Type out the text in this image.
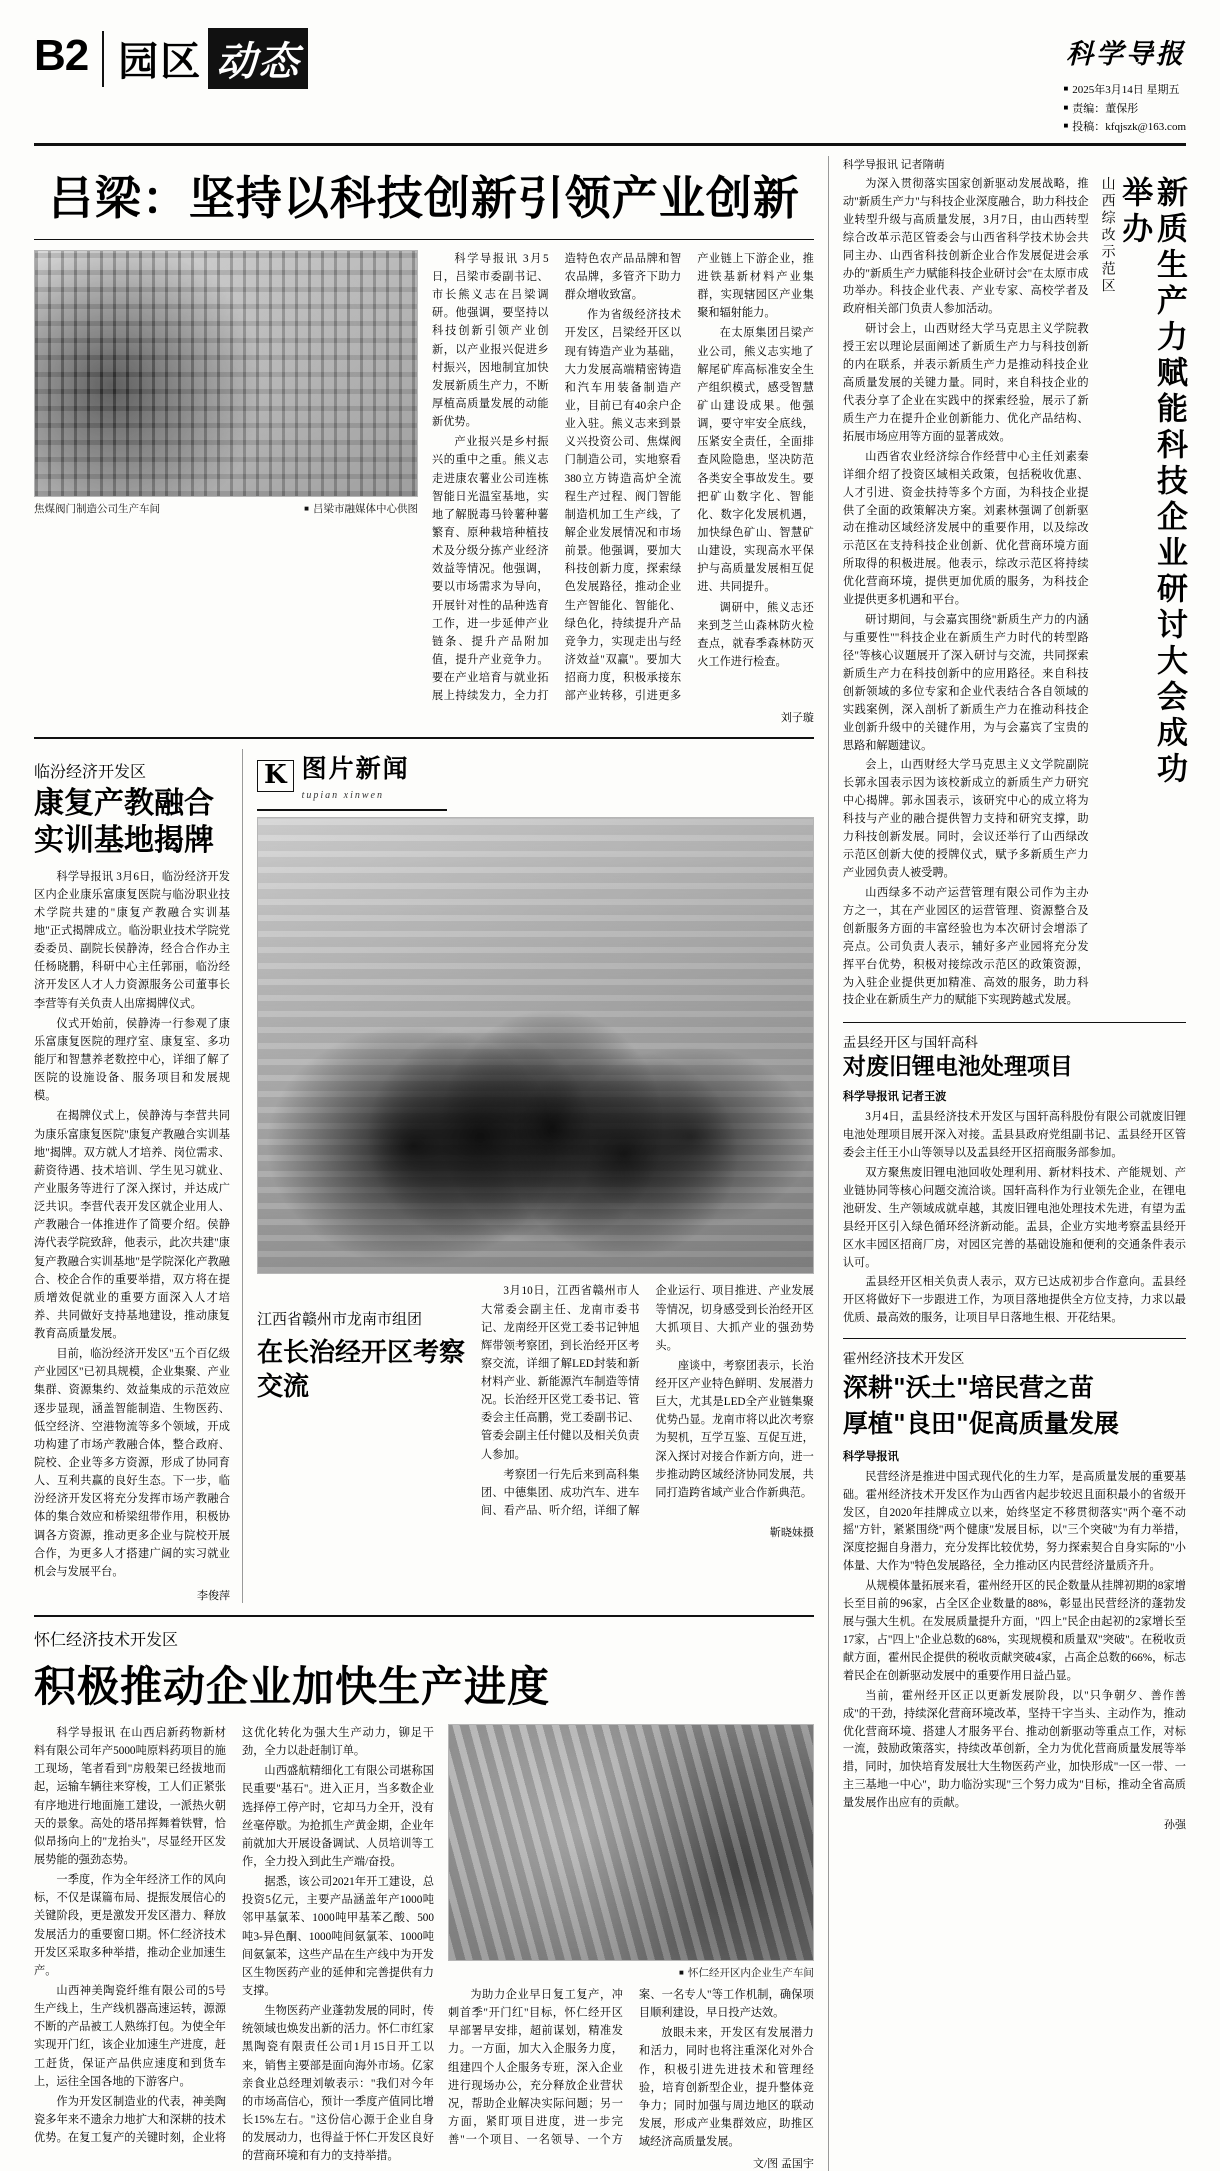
B2 园区 动态	科学导报
■ 2025年3月14日 星期五
■ 责编：董保彤
■ 投稿：kfqjszk@163.com
吕梁：坚持以科技创新引领产业创新
焦煤阀门制造公司生产车间	■ 吕梁市融媒体中心供图

科学导报讯 3月5日，吕梁市委副书记、市长熊义志在吕梁调研。他强调，要坚持以科技创新引领产业创新，以产业报兴促进乡村振兴，因地制宜加快发展新质生产力，不断厚植高质量发展的动能新优势。

产业报兴是乡村振兴的重中之重。熊义志走进康农薯业公司连栋智能日光温室基地，实地了解脱毒马铃薯种薯繁育、原种栽培种植技术及分级分拣产业经济效益等情况。他强调，要以市场需求为导向，开展针对性的品种选育工作，进一步延伸产业链条、提升产品附加值，提升产业竞争力。要在产业培育与就业拓展上持续发力，全力打造特色农产品品牌和智农品牌，多管齐下助力群众增收致富。

作为省级经济技术开发区，吕梁经开区以现有铸造产业为基础，大力发展高端精密铸造和汽车用装备制造产业，目前已有40余户企业入驻。熊义志来到景义兴投资公司、焦煤阀门制造公司，实地察看380立方铸造高炉全流程生产过程、阀门智能制造机加工生产线，了解企业发展情况和市场前景。他强调，要加大科技创新力度，探索绿色发展路径，推动企业生产智能化、智能化、绿色化，持续提升产品竞争力，实现走出与经济效益"双赢"。要加大招商力度，积极承接东部产业转移，引进更多产业链上下游企业，推进铁基新材料产业集群，实现辖园区产业集聚和辐射能力。

在太原集团吕梁产业公司，熊义志实地了解尾矿库高标准安全生产组织模式，感受智慧矿山建设成果。他强调，要守牢安全底线，压紧安全责任，全面排查风险隐患，坚决防范各类安全事故发生。要把矿山数字化、智能化、数字化发展机遇，加快绿色矿山、智慧矿山建设，实现高水平保护与高质量发展相互促进、共同提升。

调研中，熊义志还来到芝兰山森林防火检查点，就春季森林防灭火工作进行检查。

刘子璇
临汾经济开发区
康复产教融合实训基地揭牌

科学导报讯 3月6日，临汾经济开发区内企业康乐富康复医院与临汾职业技术学院共建的"康复产教融合实训基地"正式揭牌成立。临汾职业技术学院党委委员、副院长侯静涛，经合合作办主任杨晓鹏，科研中心主任郭丽，临汾经济开发区人才人力资源服务公司董事长李营等有关负责人出席揭牌仪式。

仪式开始前，侯静涛一行参观了康乐富康复医院的理疗室、康复室、多功能厅和智慧养老数控中心，详细了解了医院的设施设备、服务项目和发展规模。

在揭牌仪式上，侯静涛与李营共同为康乐富康复医院"康复产教融合实训基地"揭牌。双方就人才培养、岗位需求、薪资待遇、技术培训、学生见习就业、产业服务等进行了深入探讨，并达成广泛共识。李营代表开发区就企业用人、产教融合一体推进作了简要介绍。侯静涛代表学院致辞，他表示，此次共建"康复产教融合实训基地"是学院深化产教融合、校企合作的重要举措，双方将在提质增效促就业的重要方面深入人才培养、共同做好支持基地建设，推动康复教育高质量发展。

目前，临汾经济开发区"五个百亿级产业园区"已初具规模，企业集聚、产业集群、资源集约、效益集成的示范效应逐步显现，涵盖智能制造、生物医药、低空经济、空港物流等多个领域，开成功构建了市场产教融合体，整合政府、院校、企业等多方资源，形成了协同育人、互利共赢的良好生态。下一步，临汾经济开发区将充分发挥市场产教融合体的集合效应和桥梁纽带作用，积极协调各方资源，推动更多企业与院校开展合作，为更多人才搭建广阔的实习就业机会与发展平台。

李俊萍
K 图片新闻
tupian xinwen
江西省赣州市龙南市组团
在长治经开区考察交流

3月10日，江西省赣州市人大常委会副主任、龙南市委书记、龙南经开区党工委书记钟旭辉带领考察团，到长治经开区考察交流，详细了解LED封装和新材料产业、新能源汽车制造等情况。长治经开区党工委书记、管委会主任高鹏，党工委副书记、管委会副主任付健以及相关负责人参加。

考察团一行先后来到高科集团、中德集团、成功汽车、进车间、看产品、听介绍，详细了解企业运行、项目推进、产业发展等情况，切身感受到长治经开区大抓项目、大抓产业的强劲势头。

座谈中，考察团表示，长治经开区产业特色鲜明、发展潜力巨大，尤其是LED全产业链集聚优势凸显。龙南市将以此次考察为契机，互学互鉴、互促互进，深入探讨对接合作新方向，进一步推动跨区域经济协同发展，共同打造跨省域产业合作新典范。

靳晓妹摄
怀仁经济技术开发区
积极推动企业加快生产进度

科学导报讯 在山西启新药物新材料有限公司年产5000吨原料药项目的施工现场，笔者看到"房般架已经拔地而起，运输车辆往来穿梭，工人们正紧张有序地进行地面施工建设，一派热火朝天的景象。高处的塔吊挥舞着铁臂，恰似昂扬向上的"龙抬头"，尽显经开区发展势能的强劲态势。

一季度，作为全年经济工作的风向标，不仅是谋篇布局、提振发展信心的关键阶段，更是激发开发区潜力、释放发展活力的重要窗口期。怀仁经济技术开发区采取多种举措，推动企业加速生产。

山西神美陶瓷纤维有限公司的5号生产线上，生产线机器高速运转，源源不断的产品被工人熟练打包。为使全年实现开门红，该企业加速生产进度，赶工赶货，保证产品供应速度和到货车上，运往全国各地的下游客户。

作为开发区制造业的代表，神美陶瓷多年来不遗余力地扩大和深耕的技术优势。在复工复产的关键时刻，企业将这优化转化为强大生产动力，铆足干劲，全力以赴赶制订单。

山西盛航精细化工有限公司堪称国民重要"基石"。进入正月，当多数企业选择停工停产时，它却马力全开，没有丝毫停歇。为抢抓生产黄金期，企业年前就加大开展设备调试、人员培训等工作，全力投入到此生产端/奋投。

据悉，该公司2021年开工建设，总投资5亿元，主要产品涵盖年产1000吨邻甲基氯苯、1000吨甲基苯乙酸、500吨3-异色酮、1000吨间氨氯苯、1000吨间氨氯苯，这些产品在生产线中为开发区生物医药产业的延伸和完善提供有力支撑。

生物医药产业蓬勃发展的同时，传统领域也焕发出新的活力。怀仁市红家黑陶瓷有限责任公司1月15日开工以来，销售主要部是面向海外市场。亿家亲食业总经理刘敏表示："我们对今年的市场高信心，预计一季度产值同比增长15%左右。"这份信心源于企业自身的发展动力，也得益于怀仁开发区良好的营商环境和有力的支持举措。

■ 怀仁经开区内企业生产车间

为助力企业早日复工复产，冲刺首季"开门红"目标，怀仁经开区早部署早安排，超前谋划，精准发力。一方面，加大入企服务力度，组建四个人企服务专班，深入企业进行现场办公，充分释放企业营状况，帮助企业解决实际问题；另一方面，紧盯项目进度，进一步完善"一个项目、一名领导、一个方案、一名专人"等工作机制，确保项目顺利建设，早日投产达效。

放眼未来，开发区有发展潜力和活力，同时也将注重深化对外合作，积极引进先进技术和管理经验，培育创新型企业，提升整体竞争力；同时加强与周边地区的联动发展，形成产业集群效应，助推区域经济高质量发展。

文/图 孟国宇
科学导报讯 记者隋萌
新质生产力赋能科技企业研讨大会成功举办
山西综改示范区

为深入贯彻落实国家创新驱动发展战略，推动"新质生产力"与科技企业深度融合，助力科技企业转型升级与高质量发展，3月7日，由山西转型综合改革示范区管委会与山西省科学技术协会共同主办、山西省科技创新企业合作发展促进会承办的"新质生产力赋能科技企业研讨会"在太原市成功举办。科技企业代表、产业专家、高校学者及政府相关部门负责人参加活动。

研讨会上，山西财经大学马克思主义学院教授王宏以理论层面阐述了新质生产力与科技创新的内在联系，并表示新质生产力是推动科技企业高质量发展的关键力量。同时，来自科技企业的代表分享了企业在实践中的探索经验，展示了新质生产力在提升企业创新能力、优化产品结构、拓展市场应用等方面的显著成效。

山西省农业经济综合作经营中心主任刘素秦详细介绍了投资区域相关政策，包括税收优惠、人才引进、资金扶持等多个方面，为科技企业提供了全面的政策解决方案。刘素林强调了创新驱动在推动区域经济发展中的重要作用，以及综改示范区在支持科技企业创新、优化营商环境方面所取得的积极进展。他表示，综改示范区将持续优化营商环境，提供更加优质的服务，为科技企业提供更多机遇和平台。

研讨期间，与会嘉宾围绕"新质生产力的内涵与重要性""科技企业在新质生产力时代的转型路径"等核心议题展开了深入研讨与交流，共同探索新质生产力在科技创新中的应用路径。来自科技创新领域的多位专家和企业代表结合各自领域的实践案例，深入剖析了新质生产力在推动科技企业创新升级中的关键作用，为与会嘉宾了宝贵的思路和解题建议。

会上，山西财经大学马克思主义文学院副院长郭永国表示因为该校新成立的新质生产力研究中心揭牌。郭永国表示，该研究中心的成立将为科技与产业的融合提供智力支持和研究支撑，助力科技创新发展。同时，会议还举行了山西绿改示范区创新大使的授牌仪式，赋予多新质生产力产业园负责人被受聘。

山西绿多不动产运营管理有限公司作为主办方之一，其在产业园区的运营管理、资源整合及创新服务方面的丰富经验也为本次研讨会增添了亮点。公司负责人表示，辅好多产业园将充分发挥平台优势，积极对接综改示范区的政策资源，为入驻企业提供更加精准、高效的服务，助力科技企业在新质生产力的赋能下实现跨越式发展。

盂县经开区与国轩高科
对废旧锂电池处理项目

科学导报讯 记者王波

3月4日，盂县经济技术开发区与国轩高科股份有限公司就废旧锂电池处理项目展开深入对接。盂县县政府党组副书记、盂县经开区管委会主任王小山等领导以及盂县经开区招商服务部参加。

双方聚焦废旧锂电池回收处理利用、新材料技术、产能规划、产业链协同等核心问题交流洽谈。国轩高科作为行业领先企业，在锂电池研发、生产领域成就卓越，其废旧锂电池处理技术先进，有望为盂县经开区引入绿色循环经济新动能。盂县，企业方实地考察盂县经开区水丰园区招商厂房，对园区完善的基础设施和便利的交通条件表示认可。

盂县经开区相关负责人表示，双方已达成初步合作意向。盂县经开区将做好下一步跟进工作，为项目落地提供全方位支持，力求以最优质、最高效的服务，让项目早日落地生根、开花结果。

霍州经济技术开发区
深耕"沃土"培民营之苗
厚植"良田"促高质量发展

科学导报讯

民营经济是推进中国式现代化的生力军，是高质量发展的重要基础。霍州经济技术开发区作为山西省内起步较迟且面积最小的省级开发区，自2020年挂牌成立以来，始终坚定不移贯彻落实"两个毫不动摇"方针，紧紧围绕"两个健康"发展目标，以"三个突破"为有力举措，深度挖掘自身潜力，充分发挥比较优势，努力探索契合自身实际的"小体量、大作为"特色发展路径，全力推动区内民营经济量质齐升。

从规模体量拓展来看，霍州经开区的民企数量从挂牌初期的8家增长至目前的96家，占全区企业数量的88%，彰显出民营经济的蓬勃发展与强大生机。在发展质量提升方面，"四上"民企由起初的2家增长至17家，占"四上"企业总数的68%，实现规模和质量双"突破"。在税收贡献方面，霍州民企提供的税收贡献突破4家，占高企总数的66%，标志着民企在创新驱动发展中的重要作用日益凸显。

当前，霍州经开区正以更新发展阶段，以"只争朝夕、善作善成"的干劲，持续深化营商环境改革，坚持干字当头、主动作为，推动优化营商环境、搭建人才服务平台、推动创新驱动等重点工作，对标一流，鼓励政策落实，持续改革创新，全力为优化营商质量发展等举措，同时，加快培育发展壮大生物医药产业，加快形成"一区一带、一主三基地一中心"，助力临汾实现"三个努力成为"目标，推动全省高质量发展作出应有的贡献。

孙强
